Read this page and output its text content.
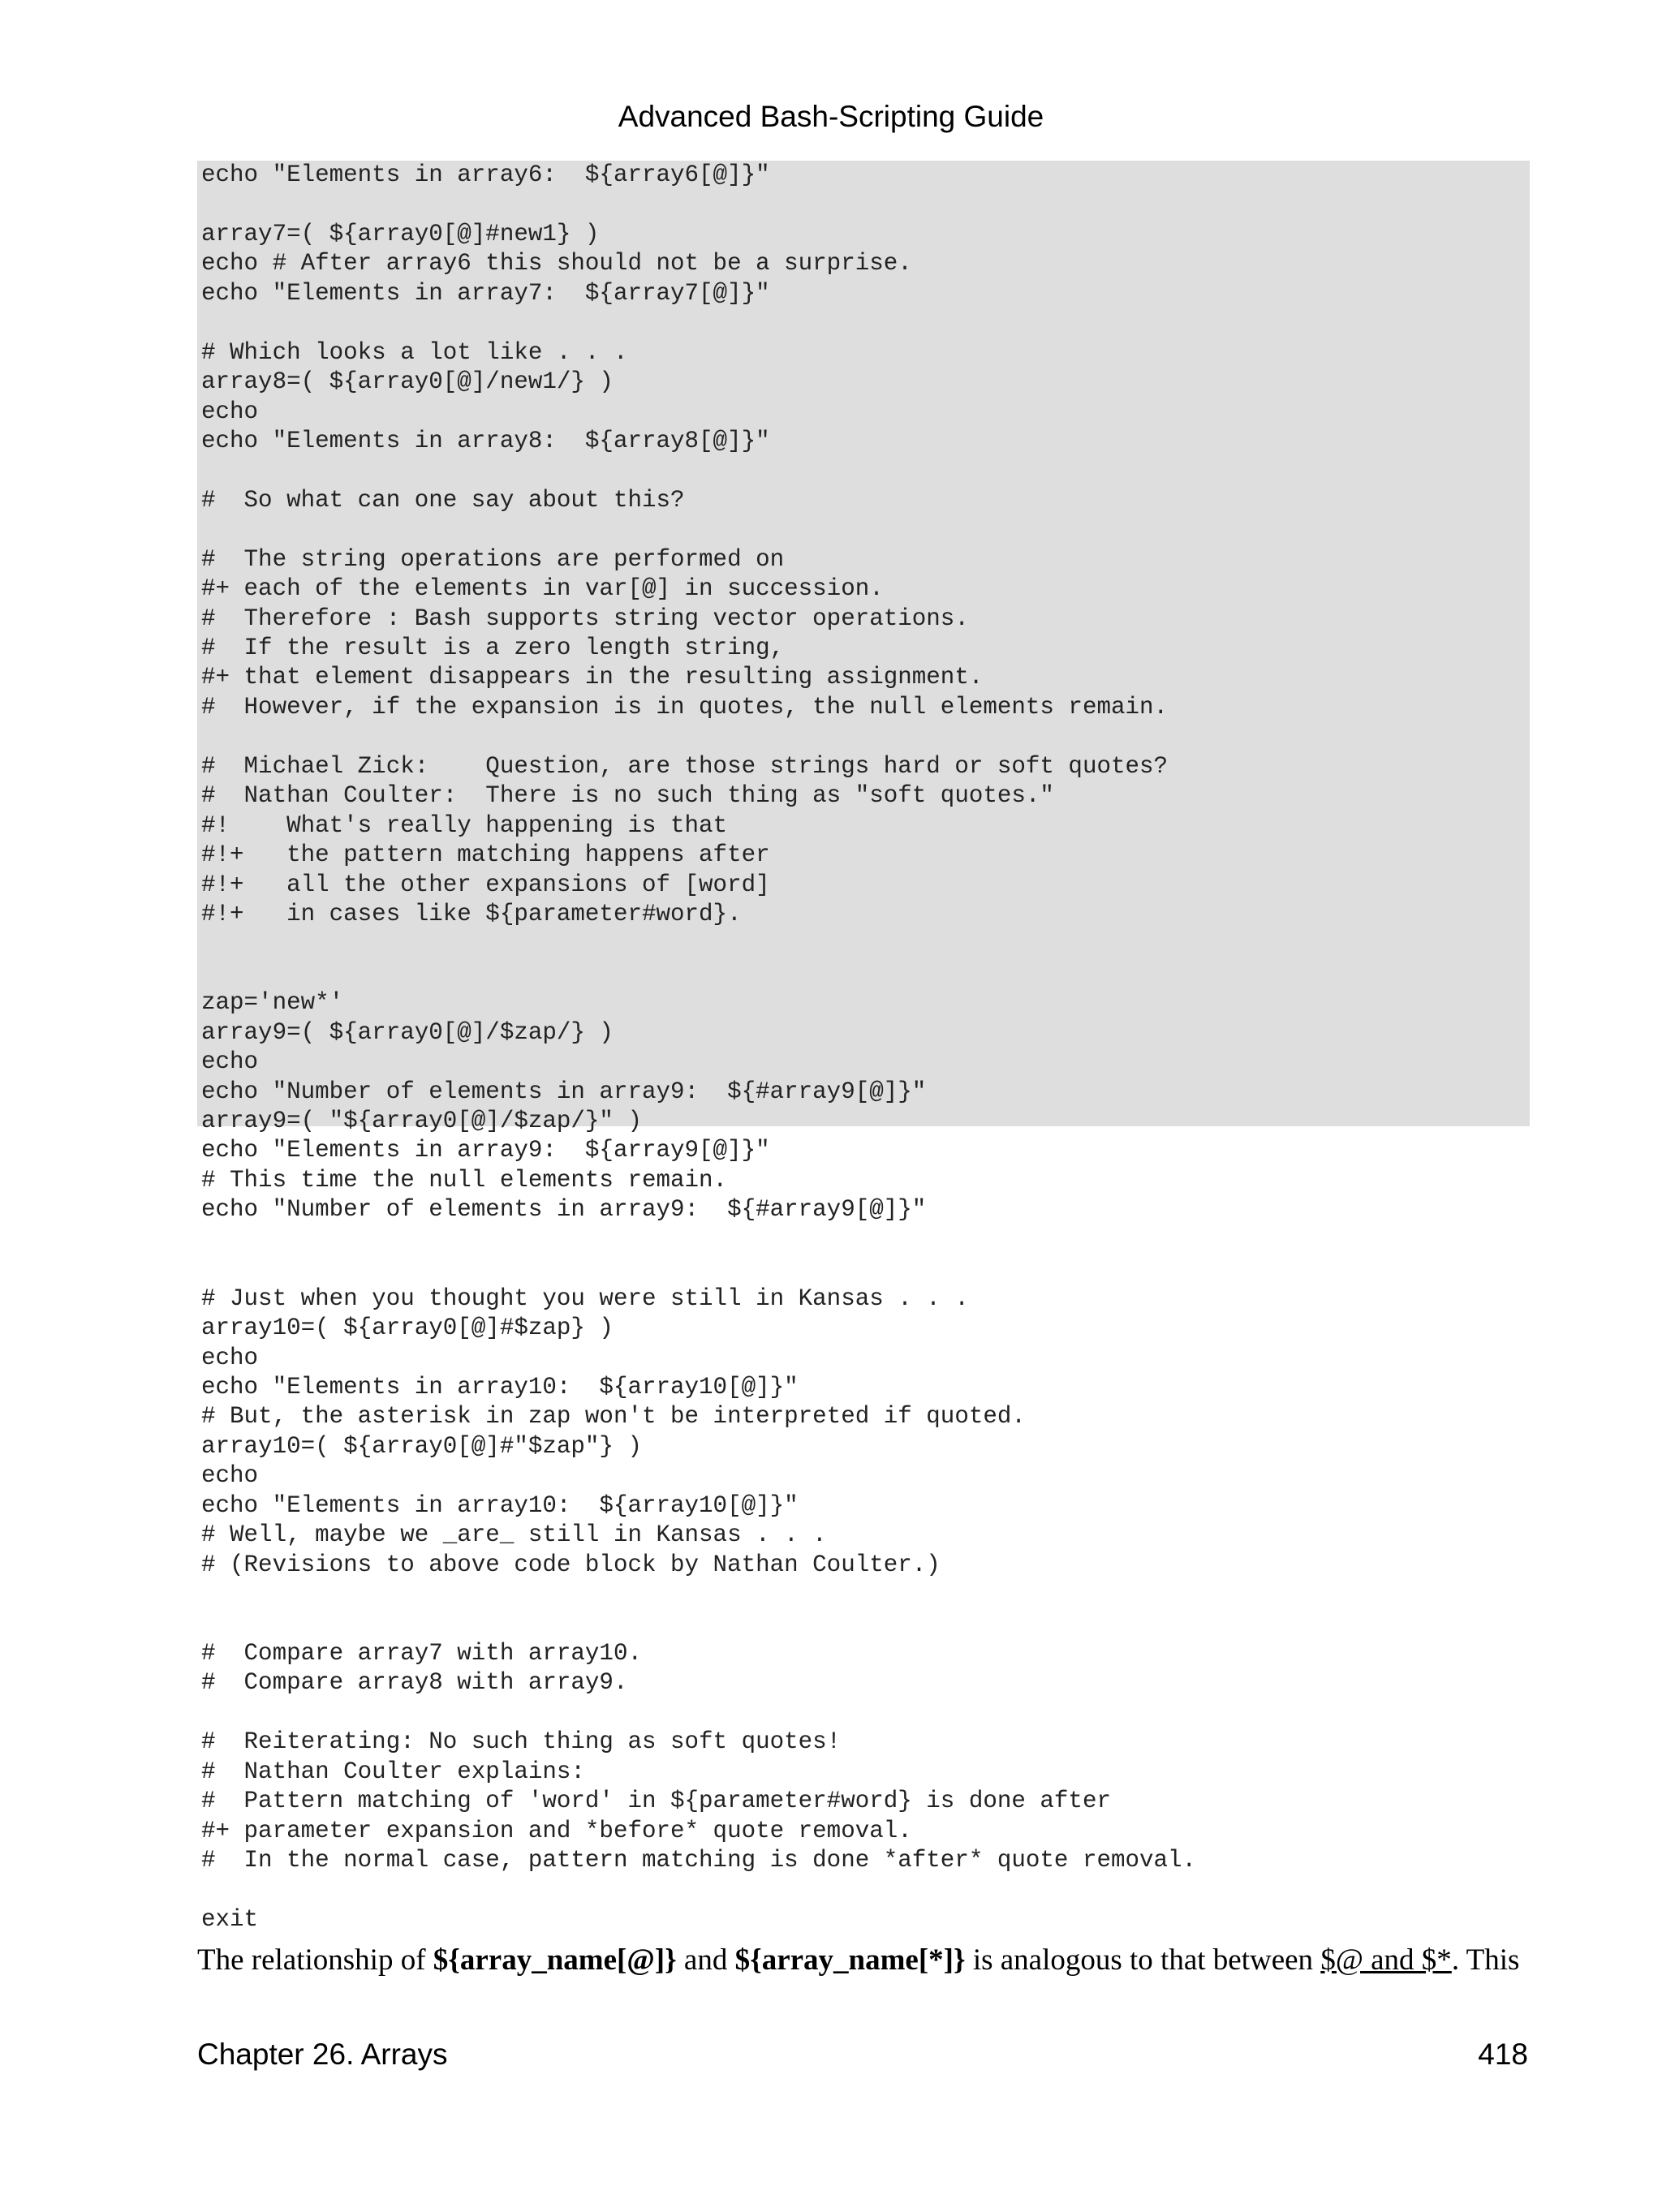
Advanced Bash-Scripting Guide
echo "Elements in array6:  ${array6[@]}"
array7=( ${array0[@]#new1} )
echo # After array6 this should not be a surprise.
echo "Elements in array7:  ${array7[@]}"
# Which looks a lot like . . .
array8=( ${array0[@]/new1/} )
echo
echo "Elements in array8:  ${array8[@]}"
#  So what can one say about this?
#  The string operations are performed on
#+ each of the elements in var[@] in succession.
#  Therefore : Bash supports string vector operations.
#  If the result is a zero length string,
#+ that element disappears in the resulting assignment.
#  However, if the expansion is in quotes, the null elements remain.
#  Michael Zick:    Question, are those strings hard or soft quotes?
#  Nathan Coulter:  There is no such thing as "soft quotes."
#!    What's really happening is that
#!+   the pattern matching happens after
#!+   all the other expansions of [word]
#!+   in cases like ${parameter#word}.
zap='new*'
array9=( ${array0[@]/$zap/} )
echo
echo "Number of elements in array9:  ${#array9[@]}"
array9=( "${array0[@]/$zap/}" )
echo "Elements in array9:  ${array9[@]}"
# This time the null elements remain.
echo "Number of elements in array9:  ${#array9[@]}"
# Just when you thought you were still in Kansas . . .
array10=( ${array0[@]#$zap} )
echo
echo "Elements in array10:  ${array10[@]}"
# But, the asterisk in zap won't be interpreted if quoted.
array10=( ${array0[@]#"$zap"} )
echo
echo "Elements in array10:  ${array10[@]}"
# Well, maybe we _are_ still in Kansas . . .
# (Revisions to above code block by Nathan Coulter.)
#  Compare array7 with array10.
#  Compare array8 with array9.
#  Reiterating: No such thing as soft quotes!
#  Nathan Coulter explains:
#  Pattern matching of 'word' in ${parameter#word} is done after
#+ parameter expansion and *before* quote removal.
#  In the normal case, pattern matching is done *after* quote removal.
exit
The relationship of ${array_name[@]} and ${array_name[*]} is analogous to that between $@ and $*. This
Chapter 26. Arrays	418
